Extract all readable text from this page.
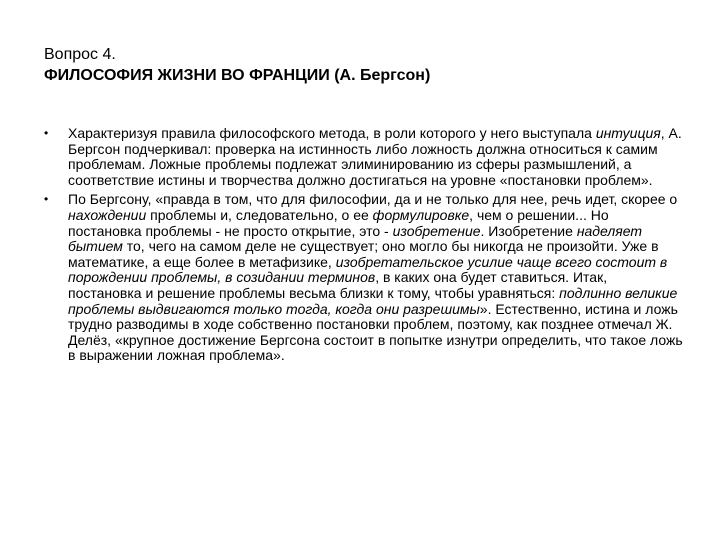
Вопрос 4.

ФИЛОСОФИЯ ЖИЗНИ ВО ФРАНЦИИ (А. Бергсон)

• Характеризуя правила философского метода, в роли которого у него выступала интуиция, А. Бергсон подчеркивал: проверка на истинность либо ложность должна относиться к самим проблемам. Ложные проблемы подлежат элиминированию из сферы размышлений, а соответствие истины и творчества должно достигаться на уровне «постановки проблем».
• По Бергсону, «правда в том, что для философии, да и не только для нее, речь идет, скорее о нахождении проблемы и, следовательно, о ее формулировке, чем о решении... Но постановка проблемы - не просто открытие, это - изобретение. Изобретение наделяет бытием то, чего на самом деле не существует; оно могло бы никогда не произойти. Уже в математике, а еще более в метафизике, изобретательское усилие чаще всего состоит в порождении проблемы, в созидании терминов, в каких она будет ставиться. Итак, постановка и решение проблемы весьма близки к тому, чтобы уравняться: подлинно великие проблемы выдвигаются только тогда, когда они разрешимы». Естественно, истина и ложь трудно разводимы в ходе собственно постановки проблем, поэтому, как позднее отмечал Ж. Делёз, «крупное достижение Бергсона состоит в попытке изнутри определить, что такое ложь в выражении ложная проблема».
